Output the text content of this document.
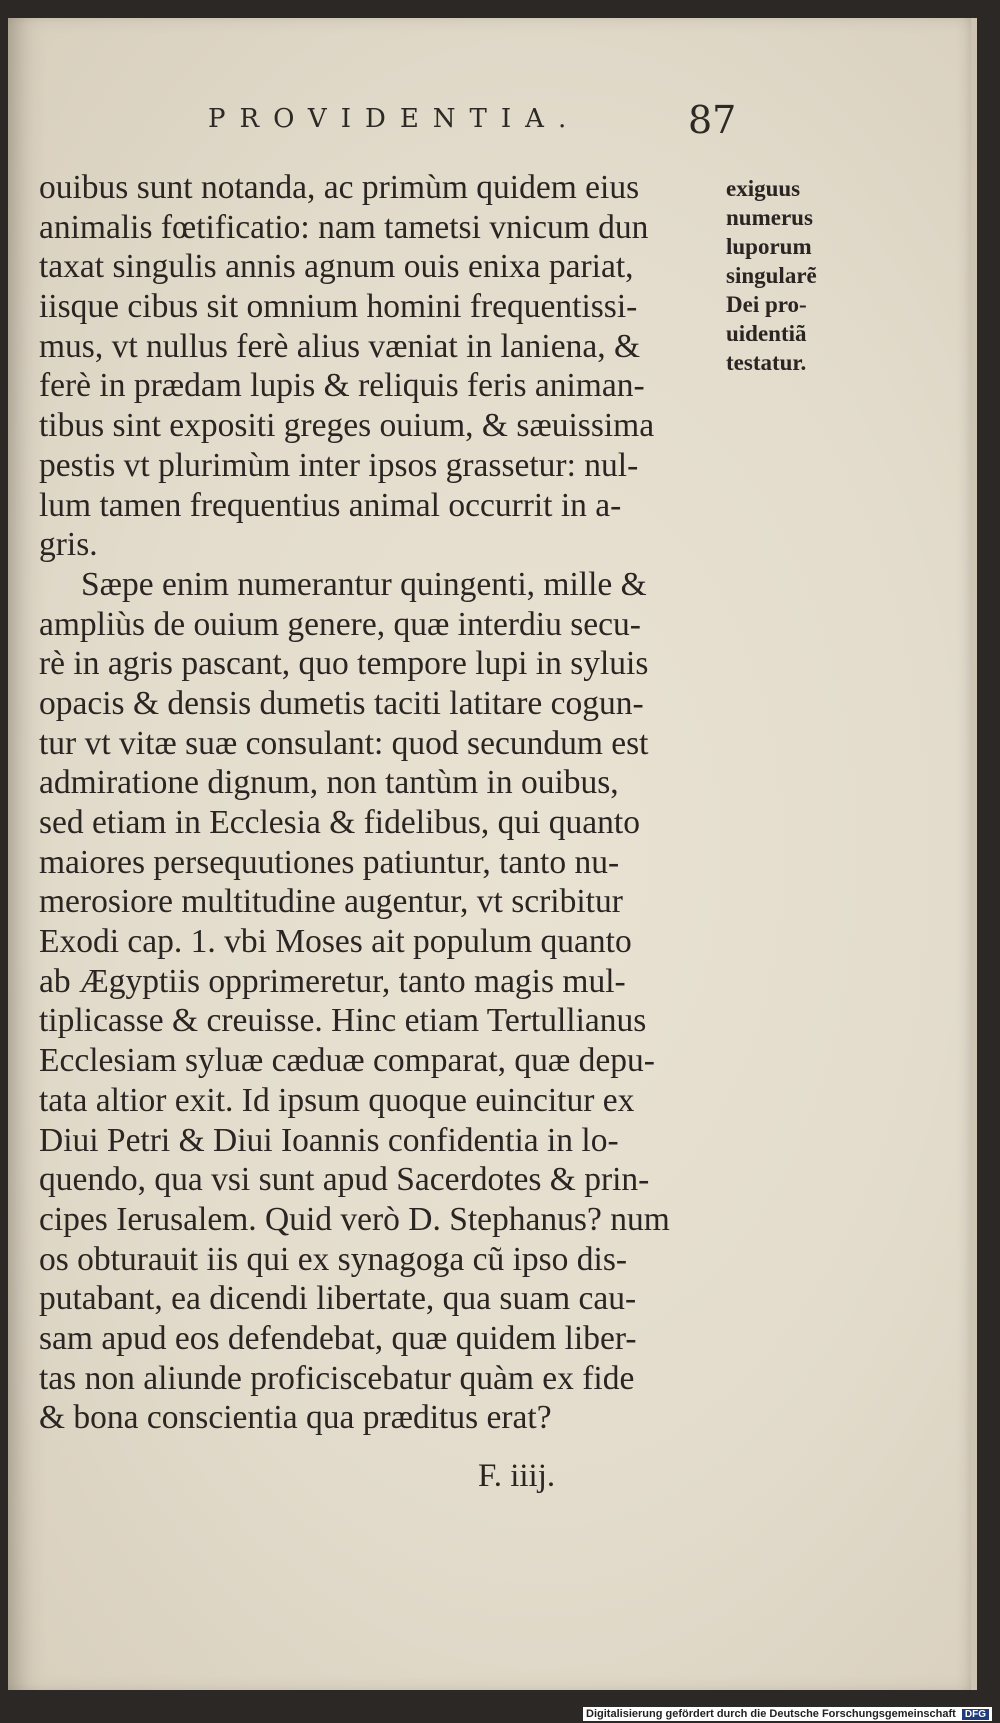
PROVIDENTIA.	87
ouibus sunt notanda, ac primùm quidem eius
animalis fœtificatio: nam tametsi vnicum dun
taxat singulis annis agnum ouis enixa pariat,
iisque cibus sit omnium homini frequentissi-
mus, vt nullus ferè alius væniat in laniena, &
ferè in prædam lupis & reliquis feris animan-
tibus sint expositi greges ouium, & sæuissima
pestis vt plurimùm inter ipsos grassetur: nul-
lum tamen frequentius animal occurrit in a-
gris.
Sæpe enim numerantur quingenti, mille &
ampliùs de ouium genere, quæ interdiu secu-
rè in agris pascant, quo tempore lupi in syluis
opacis & densis dumetis taciti latitare cogun-
tur vt vitæ suæ consulant: quod secundum est
admiratione dignum, non tantùm in ouibus,
sed etiam in Ecclesia & fidelibus, qui quanto
maiores persequutiones patiuntur, tanto nu-
merosiore multitudine augentur, vt scribitur
Exodi cap. 1. vbi Moses ait populum quanto
ab Ægyptiis opprimeretur, tanto magis mul-
tiplicasse & creuisse. Hinc etiam Tertullianus
Ecclesiam syluæ cæduæ comparat, quæ depu-
tata altior exit. Id ipsum quoque euincitur ex
Diui Petri & Diui Ioannis confidentia in lo-
quendo, qua vsi sunt apud Sacerdotes & prin-
cipes Ierusalem. Quid verò D. Stephanus? num
os obturauit iis qui ex synagoga cũ ipso dis-
putabant, ea dicendi libertate, qua suam cau-
sam apud eos defendebat, quæ quidem liber-
tas non aliunde proficiscebatur quàm ex fide
& bona conscientia qua præditus erat?
exiguus
numerus
luporum
singularẽ
Dei pro-
uidentiã
testatur.
F. iiij.
Digitalisierung gefördert durch die Deutsche Forschungsgemeinschaft DFG
